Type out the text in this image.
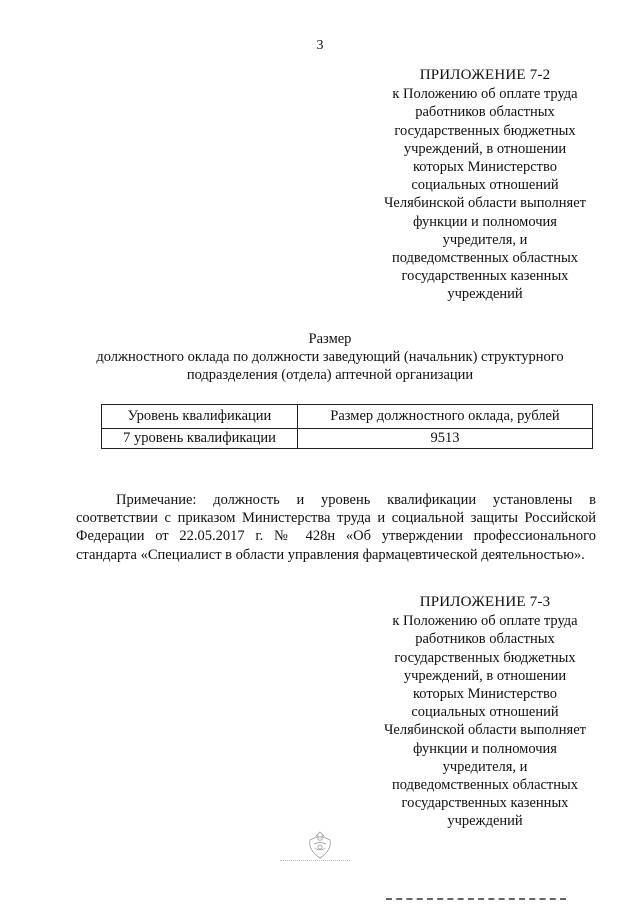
3
ПРИЛОЖЕНИЕ 7-2
к Положению об оплате труда
работников областных
государственных бюджетных
учреждений, в отношении
которых Министерство
социальных отношений
Челябинской области выполняет
функции и полномочия
учредителя, и
подведомственных областных
государственных казенных
учреждений
Размер
должностного оклада по должности заведующий (начальник) структурного
подразделения (отдела) аптечной организации
Уровень квалификации	Размер должностного оклада, рублей
7 уровень квалификации	9513

Примечание: должность и уровень квалификации установлены в соответствии с приказом Министерства труда и социальной защиты Российской Федерации от 22.05.2017 г. № 428н «Об утверждении профессионального стандарта «Специалист в области управления фармацевтической деятельностью».

ПРИЛОЖЕНИЕ 7-3
к Положению об оплате труда
работников областных
государственных бюджетных
учреждений, в отношении
которых Министерство
социальных отношений
Челябинской области выполняет
функции и полномочия
учредителя, и
подведомственных областных
государственных казенных
учреждений
